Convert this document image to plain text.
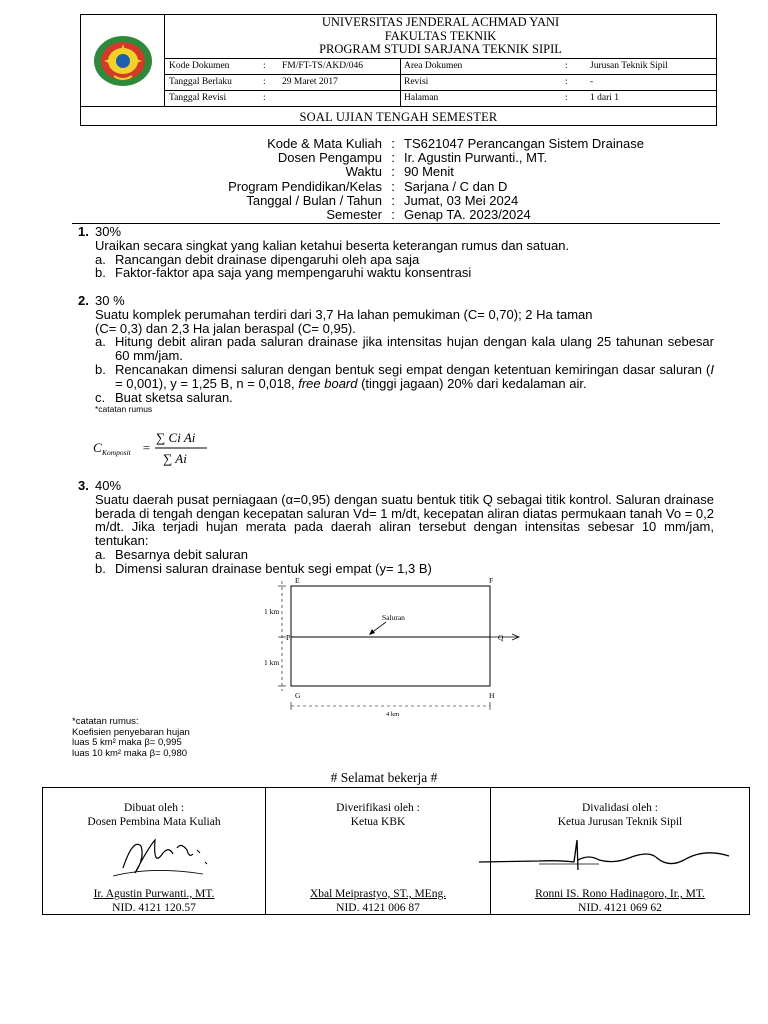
UNIVERSITAS JENDERAL ACHMAD YANI
FAKULTAS TEKNIK
PROGRAM STUDI SARJANA TEKNIK SIPIL
Kode Dokumen	: FM/FT-TS/AKD/046	Area Dokumen	: Jurusan Teknik Sipil
Tanggal Berlaku	: 29 Maret 2017	Revisi	: -
Tanggal Revisi	:	Halaman	: 1 dari 1
SOAL UJIAN TENGAH SEMESTER
Kode & Mata Kuliah : TS621047 Perancangan Sistem Drainase
Dosen Pengampu : Ir. Agustin Purwanti., MT.
Waktu : 90 Menit
Program Pendidikan/Kelas : Sarjana / C dan D
Tanggal / Bulan / Tahun : Jumat, 03 Mei 2024
Semester : Genap TA. 2023/2024
1. 30%
Uraikan secara singkat yang kalian ketahui beserta keterangan rumus dan satuan.
a. Rancangan debit drainase dipengaruhi oleh apa saja
b. Faktor-faktor apa saja yang mempengaruhi waktu konsentrasi
2. 30 %
Suatu komplek perumahan terdiri dari 3,7 Ha lahan pemukiman (C= 0,70); 2 Ha taman
(C= 0,3) dan 2,3 Ha jalan beraspal (C= 0,95).
a. Hitung debit aliran pada saluran drainase jika intensitas hujan dengan kala ulang 25 tahunan sebesar 60 mm/jam.
b. Rencanakan dimensi saluran dengan bentuk segi empat dengan ketentuan kemiringan dasar saluran (I = 0,001), y = 1,25 B, n = 0,018, free board (tinggi jagaan) 20% dari kedalaman air.
c. Buat sketsa saluran.
*catatan rumus
C Komposit =
∑ Ci Ai
∑ Ai
3. 40%
Suatu daerah pusat perniagaan (α=0,95) dengan suatu bentuk titik Q sebagai titik kontrol. Saluran drainase berada di tengah dengan kecepatan saluran Vd= 1 m/dt, kecepatan aliran diatas permukaan tanah Vo = 0,2 m/dt. Jika terjadi hujan merata pada daerah aliran tersebut dengan intensitas sebesar 10 mm/jam, tentukan:
a. Besarnya debit saluran
b. Dimensi saluran drainase bentuk segi empat (y= 1,3 B)
E	F
G	H
P	Q
Saluran
1 km
1 km
4 km
*catatan rumus:
Koefisien penyebaran hujan
luas 5 km² maka β= 0,995
luas 10 km² maka β= 0,980
# Selamat bekerja #
Dibuat oleh :
Dosen Pembina Mata Kuliah
Ir. Agustin Purwanti., MT.
NID. 4121 120.57
Diverifikasi oleh :
Ketua KBK
Xbal Meiprastyo, ST., MEng.
NID. 4121 006 87
Divalidasi oleh :
Ketua Jurusan Teknik Sipil
Ronni IS. Rono Hadinagoro, Ir., MT.
NID. 4121 069 62
